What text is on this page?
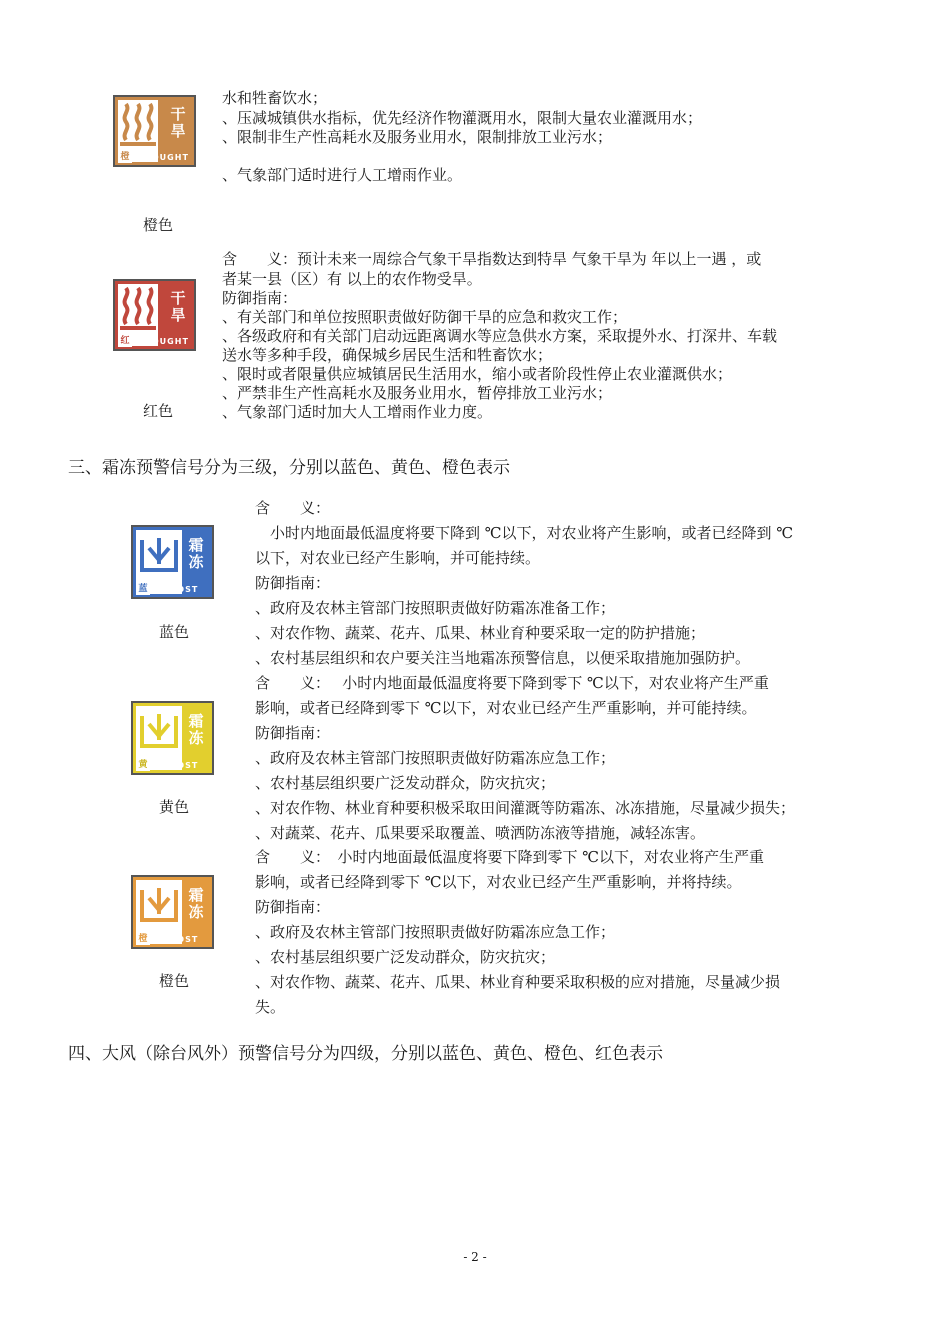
干
旱
橙 DROUGHT
水和牲畜饮水；
、压减城镇供水指标，优先经济作物灌溉用水，限制大量农业灌溉用水；
、限制非生产性高耗水及服务业用水，限制排放工业污水；
、气象部门适时进行人工增雨作业。
橙色
干
旱
红 DROUGHT
含　　义：预计未来一周综合气象干旱指数达到特旱 气象干旱为 年以上一遇 ，或
者某一县（区）有 以上的农作物受旱。
防御指南：
、有关部门和单位按照职责做好防御干旱的应急和救灾工作；
、各级政府和有关部门启动远距离调水等应急供水方案，采取提外水、打深井、车载
送水等多种手段，确保城乡居民生活和牲畜饮水；
、限时或者限量供应城镇居民生活用水，缩小或者阶段性停止农业灌溉供水；
、严禁非生产性高耗水及服务业用水，暂停排放工业污水；
、气象部门适时加大人工增雨作业力度。
红色
三、霜冻预警信号分为三级，分别以蓝色、黄色、橙色表示
霜
冻
蓝	FROST
含　　义：
　小时内地面最低温度将要下降到 ℃以下，对农业将产生影响，或者已经降到 ℃
以下，对农业已经产生影响，并可能持续。
防御指南：
、政府及农林主管部门按照职责做好防霜冻准备工作；
、对农作物、蔬菜、花卉、瓜果、林业育种要采取一定的防护措施；
、农村基层组织和农户要关注当地霜冻预警信息，以便采取措施加强防护。
蓝色
霜
冻
黄	FROST
含　　义：　 小时内地面最低温度将要下降到零下 ℃以下，对农业将产生严重
影响，或者已经降到零下 ℃以下，对农业已经产生严重影响，并可能持续。
防御指南：
、政府及农林主管部门按照职责做好防霜冻应急工作；
、农村基层组织要广泛发动群众，防灾抗灾；
、对农作物、林业育种要积极采取田间灌溉等防霜冻、冰冻措施，尽量减少损失；
、对蔬菜、花卉、瓜果要采取覆盖、喷洒防冻液等措施，减轻冻害。
黄色
霜
冻
橙	FROST
含　　义：　小时内地面最低温度将要下降到零下 ℃以下，对农业将产生严重
影响，或者已经降到零下 ℃以下，对农业已经产生严重影响，并将持续。
防御指南：
、政府及农林主管部门按照职责做好防霜冻应急工作；
、农村基层组织要广泛发动群众，防灾抗灾；
、对农作物、蔬菜、花卉、瓜果、林业育种要采取积极的应对措施，尽量减少损
失。
橙色
四、大风（除台风外）预警信号分为四级，分别以蓝色、黄色、橙色、红色表示
- 2 -
